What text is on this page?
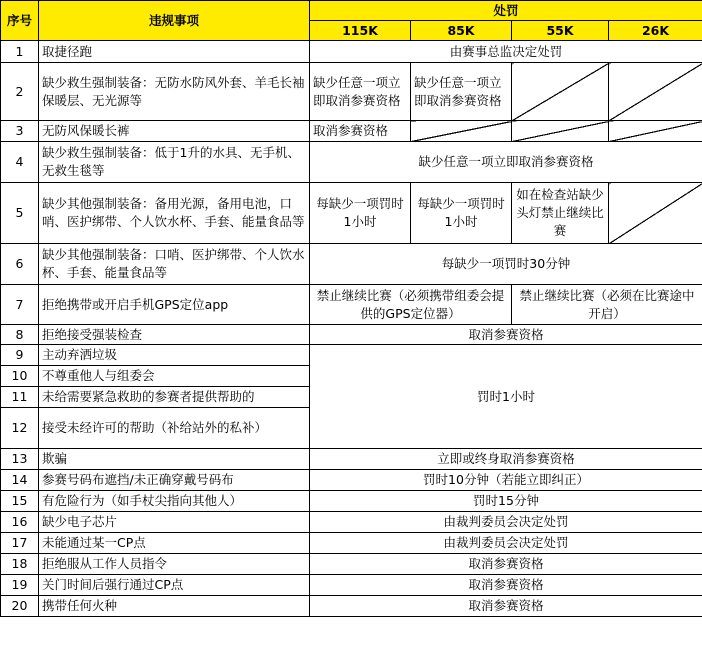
序号	违规事项	处罚			
		115K	85K	55K	26K
1	取捷径跑	由赛事总监决定处罚			
2	缺少救生强制装备：无防水防风外套、羊毛长袖保暖层、无光源等	缺少任意一项立即取消参赛资格	缺少任意一项立即取消参赛资格		
3	无防风保暖长裤	取消参赛资格			
4	缺少救生强制装备：低于1升的水具、无手机、无救生毯等	缺少任意一项立即取消参赛资格			
5	缺少其他强制装备：备用光源，备用电池，口哨、医护绑带、个人饮水杯、手套、能量食品等	每缺少一项罚时1小时	每缺少一项罚时1小时	如在检查站缺少头灯禁止继续比赛	
6	缺少其他强制装备：口哨、医护绑带、个人饮水杯、手套、能量食品等	每缺少一项罚时30分钟			
7	拒绝携带或开启手机GPS定位app	禁止继续比赛（必须携带组委会提供的GPS定位器）		禁止继续比赛（必须在比赛途中开启）	
8	拒绝接受强装检查	取消参赛资格			
9	主动弃洒垃圾	罚时1小时			
10	不尊重他人与组委会				
11	未给需要紧急救助的参赛者提供帮助的				
12	接受未经许可的帮助（补给站外的私补）				
13	欺骗	立即或终身取消参赛资格			
14	参赛号码布遮挡/未正确穿戴号码布	罚时10分钟（若能立即纠正）			
15	有危险行为（如手杖尖指向其他人）	罚时15分钟			
16	缺少电子芯片	由裁判委员会决定处罚			
17	未能通过某一CP点	由裁判委员会决定处罚			
18	拒绝服从工作人员指令	取消参赛资格			
19	关门时间后强行通过CP点	取消参赛资格			
20	携带任何火种	取消参赛资格			
